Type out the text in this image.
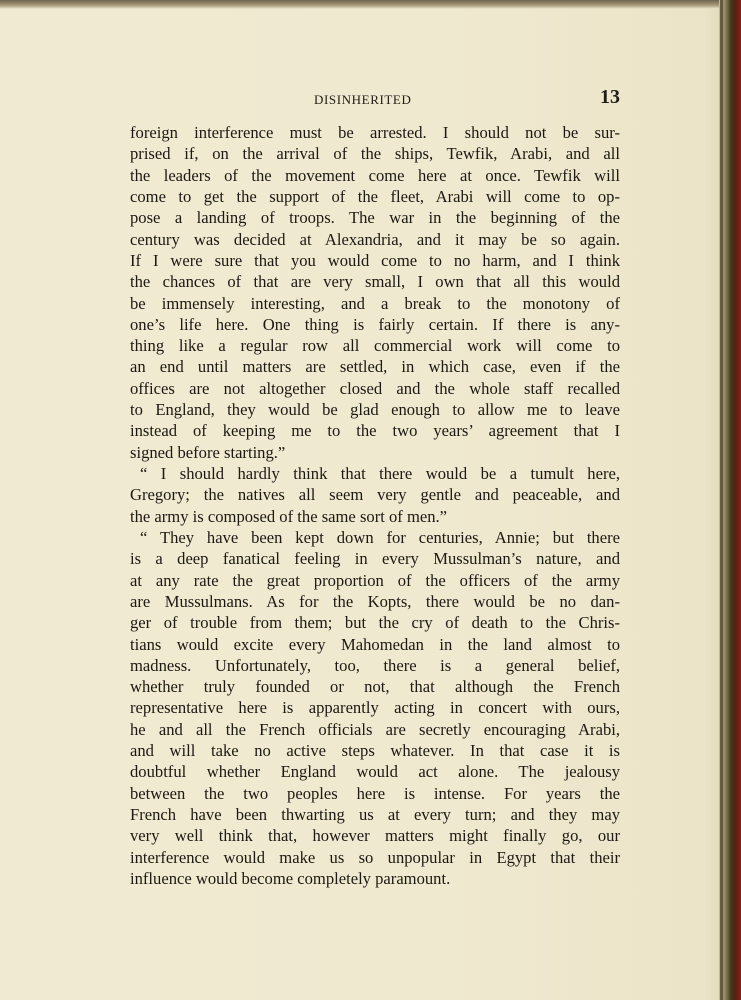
DISINHERITED	13
foreign interference must be arrested. I should not be sur-
prised if, on the arrival of the ships, Tewfik, Arabi, and all
the leaders of the movement come here at once. Tewfik will
come to get the support of the fleet, Arabi will come to op-
pose a landing of troops. The war in the beginning of the
century was decided at Alexandria, and it may be so again.
If I were sure that you would come to no harm, and I think
the chances of that are very small, I own that all this would
be immensely interesting, and a break to the monotony of
one’s life here. One thing is fairly certain. If there is any-
thing like a regular row all commercial work will come to
an end until matters are settled, in which case, even if the
offices are not altogether closed and the whole staff recalled
to England, they would be glad enough to allow me to leave
instead of keeping me to the two years’ agreement that I
signed before starting.”
“ I should hardly think that there would be a tumult here,
Gregory; the natives all seem very gentle and peaceable, and
the army is composed of the same sort of men.”
“ They have been kept down for centuries, Annie; but there
is a deep fanatical feeling in every Mussulman’s nature, and
at any rate the great proportion of the officers of the army
are Mussulmans. As for the Kopts, there would be no dan-
ger of trouble from them; but the cry of death to the Chris-
tians would excite every Mahomedan in the land almost to
madness. Unfortunately, too, there is a general belief,
whether truly founded or not, that although the French
representative here is apparently acting in concert with ours,
he and all the French officials are secretly encouraging Arabi,
and will take no active steps whatever. In that case it is
doubtful whether England would act alone. The jealousy
between the two peoples here is intense. For years the
French have been thwarting us at every turn; and they may
very well think that, however matters might finally go, our
interference would make us so unpopular in Egypt that their
influence would become completely paramount.
